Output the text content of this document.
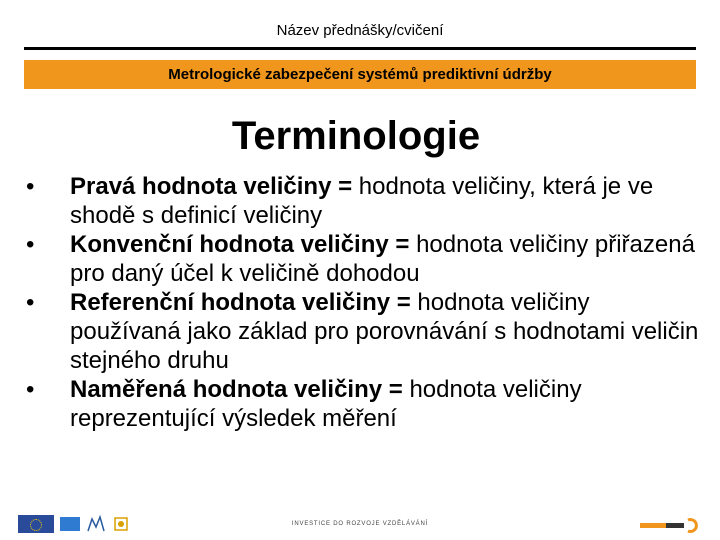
Název přednášky/cvičení
Metrologické zabezpečení systémů prediktivní údržby
Terminologie
• Pravá hodnota veličiny = hodnota veličiny, která je ve shodě s definicí veličiny
• Konvenční hodnota veličiny = hodnota veličiny přiřazená pro daný účel k veličině dohodou
• Referenční hodnota veličiny = hodnota veličiny používaná jako základ pro porovnávání s hodnotami veličin stejného druhu
• Naměřená hodnota veličiny = hodnota veličiny reprezentující výsledek měření
INVESTICE DO ROZVOJE VZDĚLÁVÁNÍ
